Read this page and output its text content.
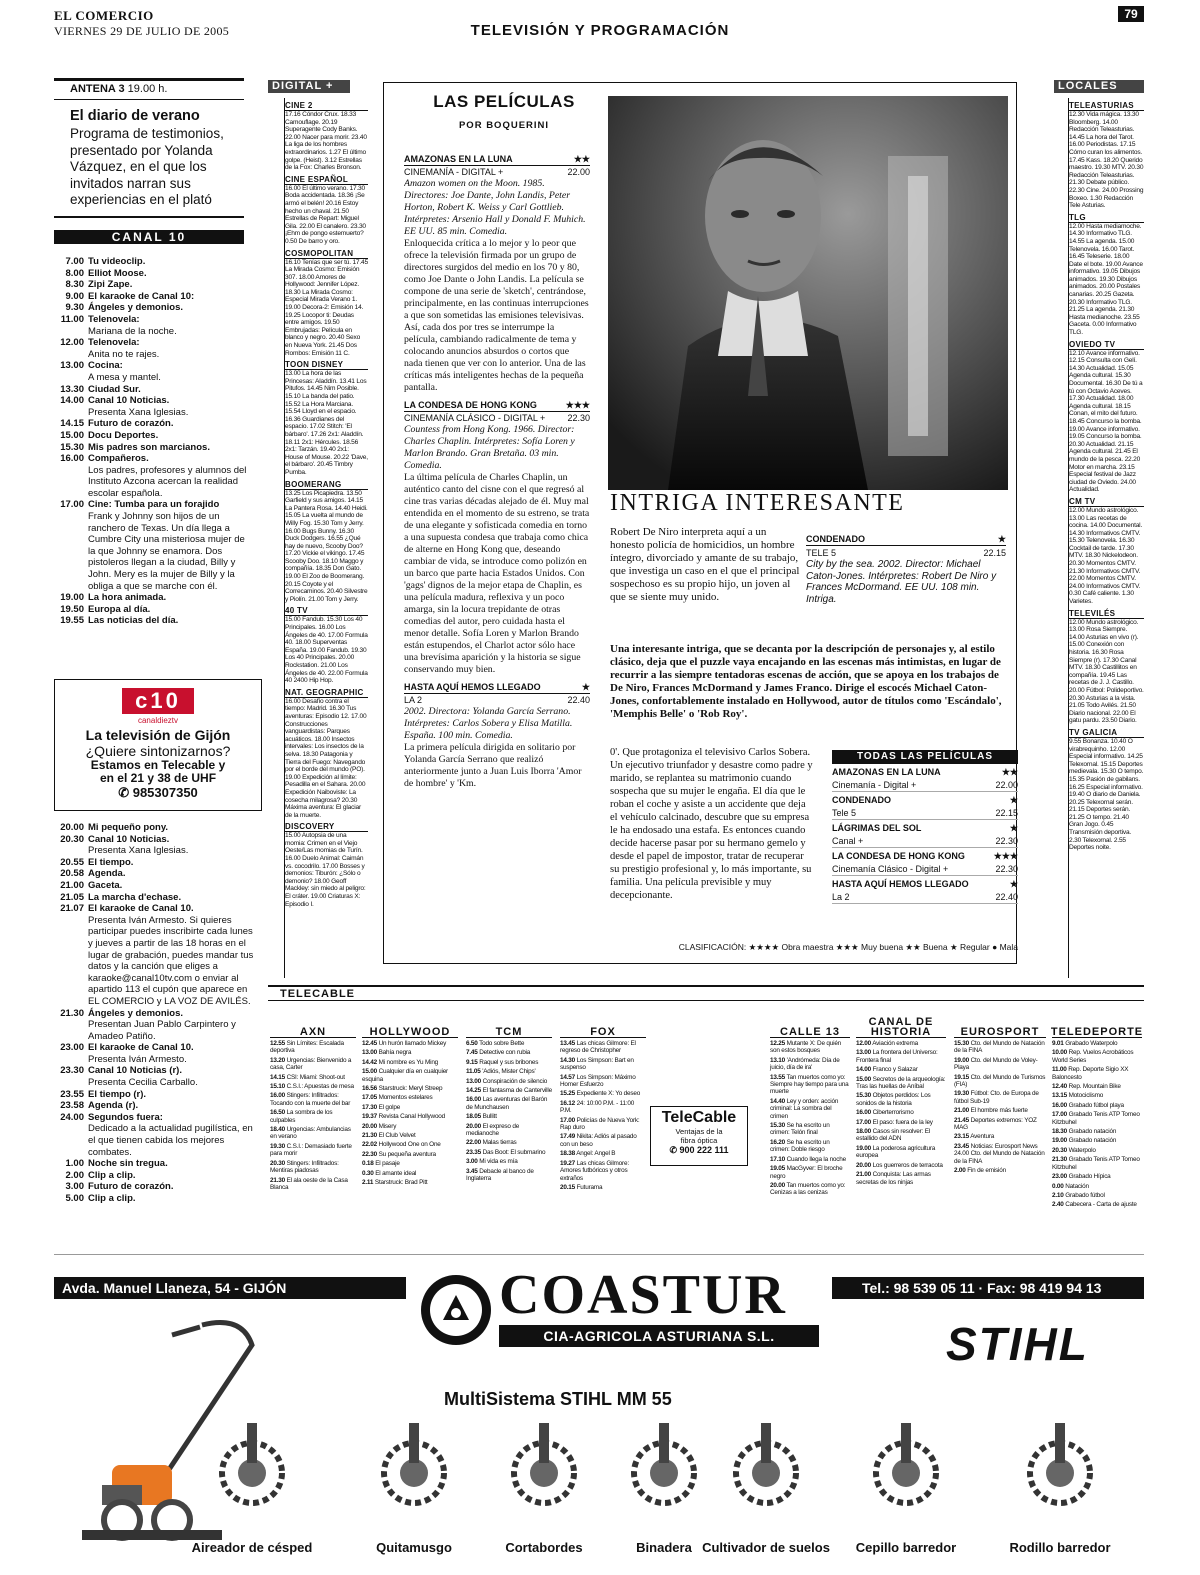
EL COMERCIO
VIERNES 29 DE JULIO DE 2005	TELEVISIÓN Y PROGRAMACIÓN
79
ANTENA 3 19.00 h.
El diario de verano
Programa de testimonios, presentado por Yolanda Vázquez, en el que los invitados narran sus experiencias en el plató
CANAL 10
7.00 Tu videoclip.
8.00 Elliot Moose.
8.30 Zipi Zape.
9.00 El karaoke de Canal 10:
9.30 Ángeles y demonios.
11.00 Telenovela:
Mariana de la noche.
12.00 Telenovela:
Anita no te rajes.
13.00 Cocina:
A mesa y mantel.
13.30 Ciudad Sur.
14.00 Canal 10 Noticias.
Presenta Xana Iglesias.
14.15 Futuro de corazón.
15.00 Docu Deportes.
15.30 Mis padres son marcianos.
16.00 Compañeros.
Los padres, profesores y alumnos del Instituto Azcona acercan la realidad escolar española.
17.00 Cine: Tumba para un forajido
Frank y Johnny son hijos de un ranchero de Texas. Un día llega a Cumbre City una misteriosa mujer de la que Johnny se enamora. Dos pistoleros llegan a la ciudad, Billy y John. Mery es la mujer de Billy y la obliga a que se marche con él.
19.00 La hora animada.
19.50 Europa al día.
19.55 Las noticias del día.
c10
canaldieztv
La televisión de Gijón
¿Quiere sintonizarnos?
Estamos en Telecable y
en el 21 y 38 de UHF
✆ 985307350
20.00 Mi pequeño pony.
20.30 Canal 10 Noticias.
Presenta Xana Iglesias.
20.55 El tiempo.
20.58 Agenda.
21.00 Gaceta.
21.05 La marcha d'echase.
21.07 El karaoke de Canal 10.
Presenta Iván Armesto. Si quieres participar puedes inscribirte cada lunes y jueves a partir de las 18 horas en el lugar de grabación, puedes mandar tus datos y la canción que eliges a karaoke@canal10tv.com o enviar al apartido 113 el cupón que aparece en EL COMERCIO y LA VOZ DE AVILÉS.
21.30 Ángeles y demonios.
Presentan Juan Pablo Carpintero y Amadeo Patiño.
23.00 El karaoke de Canal 10.
Presenta Iván Armesto.
23.30 Canal 10 Noticias (r).
Presenta Cecilia Carballo.
23.55 El tiempo (r).
23.58 Agenda (r).
24.00 Segundos fuera:
Dedicado a la actualidad pugilística, en el que tienen cabida los mejores combates.
1.00 Noche sin tregua.
2.00 Clip a clip.
3.00 Futuro de corazón.
5.00 Clip a clip.
DIGITAL +
CINE 2
17.16 Cóndor Crux. 18.33 Camouflage. 20.19 Superagente Cody Banks. 22.00 Nacer para morir. 23.40 La liga de los hombres extraordinarios. 1.27 El último golpe. (Heist). 3.12 Estrellas de la Fox: Charles Bronson.
CINE ESPAÑOL
16.00 El último verano. 17.30 Boda accidentada. 18.36 ¡Se armó el belén! 20.16 Estoy hecho un chaval. 21.50 Estrellas de Repart: Miguel Gila. 22.00 El canalero. 23.30 ¡Ehm de pongo estemuerto? 0.50 De barro y oro.
COSMOPOLITAN
16.10 Tenías que ser tú. 17.45 La Mirada Cosmo: Emisión 307. 18.00 Amores de Hollywood: Jennifer López. 18.30 La Mirada Cosmo: Especial Mirada Verano 1. 19.00 Decora-2: Emisión 14. 19.25 Locopor ti: Deudas entre amigos. 19.50 Embrujadas: Película en blanco y negro. 20.40 Sexo en Nueva York. 21.45 Dos Rombos: Emisión 11 C.
TOON DISNEY
13.00 La hora de las Princesas: Aladdín. 13.41 Los Pitufos. 14.45 Nim Posible. 15.10 La banda del patio. 15.52 La Hora Marciana. 15.54 Lloyd en el espacio. 16.36 Guardianes del espacio. 17.02 Stitch: 'El bárbaro'. 17.26 2x1: Aladdín. 18.11 2x1: Hércules. 18.56 2x1: Tarzán. 19.40 2x1: House of Mouse. 20.22 'Dave, el bárbaro'. 20.45 Timbry Pumba.
BOOMERANG
13.25 Los Picapiedra. 13.50 Garfield y sus amigos. 14.15 La Pantera Rosa. 14.40 Heidi. 15.05 La vuelta al mundo de Willy Fog. 15.30 Tom y Jerry. 16.00 Bugs Bunny. 16.30 Duck Dodgers. 16.55 ¿Qué hay de nuevo, Scooby Doo? 17.20 Vickie el vikingo. 17.45 Scooby Doo. 18.10 Maggo y compañía. 18.35 Don Gato. 19.00 El Zoo de Boomerang. 20.15 Coyote y el Correcaminos. 20.40 Silvestre y Piolín. 21.00 Tom y Jerry.
40 TV
15.00 Fandub. 15.30 Los 40 Principales. 16.00 Los Ángeles de 40. 17.00 Formula 40. 18.00 Superventas España. 19.00 Fandub. 19.30 Los 40 Principales. 20.00 Rockstation. 21.00 Los Ángeles de 40. 22.00 Formula 40 2400 Hip Hop.
NAT. GEOGRAPHIC
16.00 Desafío contra el tiempo: Madrid. 16.30 Tus aventuras: Episodio 12. 17.00 Construcciones vanguardistas: Parques acuáticos. 18.00 Insectos intervales: Los insectos de la selva. 18.30 Patagonia y Tierra del Fuego: Navegando por el borde del mundo (PO). 19.00 Expedición al límite: Pesadilla en el Sahara. 20.00 Expedición Naiboviste: La cosecha milagrosa? 20.30 Máxima aventura: El glaciar de la muerte.
DISCOVERY
15.00 Autopsia de una momia: Crimen en el Viejo Oeste/Las momias de Turín. 16.00 Duelo Animal: Caimán vs. cocodrilo. 17.00 Bosses y demonios: Tiburón: ¿Sólo o demonio? 18.00 Geoff Mackley: sin miedo al peligro: El cráter. 19.00 Criaturas X: Episodio I.
LAS PELÍCULAS
POR BOQUERINI
AMAZONAS EN LA LUNA	★★
CINEMANÍA - DIGITAL +	22.00
Amazon women on the Moon. 1985. Directores: Joe Dante, John Landis, Peter Horton, Robert K. Weiss y Carl Gottlieb. Intérpretes: Arsenio Hall y Donald F. Muhich. EE UU. 85 min. Comedia.
Enloquecida crítica a lo mejor y lo peor que ofrece la televisión firmada por un grupo de directores surgidos del medio en los 70 y 80, como Joe Dante o John Landis. La película se compone de una serie de 'sketch', centrándose, principalmente, en las continuas interrupciones a que son sometidas las emisiones televisivas. Así, cada dos por tres se interrumpe la película, cambiando radicalmente de tema y colocando anuncios absurdos o cortos que nada tienen que ver con lo anterior. Una de las críticas más inteligentes hechas de la pequeña pantalla.
LA CONDESA DE HONG KONG	★★★
CINEMANÍA CLÁSICO - DIGITAL + 22.30
Countess from Hong Kong. 1966. Director: Charles Chaplin. Intérpretes: Sofía Loren y Marlon Brando. Gran Bretaña. 03 min. Comedia.
La última película de Charles Chaplin, un auténtico canto del cisne con el que regresó al cine tras varias décadas alejado de él. Muy mal entendida en el momento de su estreno, se trata de una elegante y sofisticada comedia en torno a una supuesta condesa que trabaja como chica de alterne en Hong Kong que, deseando cambiar de vida, se introduce como polizón en un barco que parte hacia Estados Unidos. Con 'gags' dignos de la mejor etapa de Chaplin, es una película madura, reflexiva y un poco amarga, sin la locura trepidante de otras comedias del autor, pero cuidada hasta el menor detalle. Sofía Loren y Marlon Brando están estupendos, el Charlot actor sólo hace una brevísima aparición y la historia se sigue conservando muy bien.
HASTA AQUÍ HEMOS LLEGADO	★
LA 2	22.40
2002. Directora: Yolanda García Serrano. Intérpretes: Carlos Sobera y Elisa Matilla. España. 100 min. Comedia.
La primera película dirigida en solitario por Yolanda García Serrano que realizó anteriormente junto a Juan Luis Iborra 'Amor de hombre' y 'Km.
INTRIGA INTERESANTE
Robert De Niro interpreta aquí a un honesto policía de homicidios, un hombre íntegro, divorciado y amante de su trabajo, que investiga un caso en el que el principal sospechoso es su propio hijo, un joven al que se siente muy unido.
CONDENADO	★
TELE 5	22.15
City by the sea. 2002. Director: Michael Caton-Jones. Intérpretes: Robert De Niro y Frances McDormand. EE UU. 108 min. Intriga.
Una interesante intriga, que se decanta por la descripción de personajes y, al estilo clásico, deja que el puzzle vaya encajando en las escenas más intimistas, en lugar de recurrir a las siempre tentadoras escenas de acción, que se apoya en los trabajos de De Niro, Frances McDormand y James Franco. Dirige el escocés Michael Caton-Jones, confortablemente instalado en Hollywood, autor de títulos como 'Escándalo', 'Memphis Belle' o 'Rob Roy'.
0'. Que protagoniza el televisivo Carlos Sobera. Un ejecutivo triunfador y desastre como padre y marido, se replantea su matrimonio cuando sospecha que su mujer le engaña. El día que le roban el coche y asiste a un accidente que deja el vehículo calcinado, descubre que su empresa le ha endosado una estafa. Es entonces cuando decide hacerse pasar por su hermano gemelo y desde el papel de impostor, tratar de recuperar su prestigio profesional y, lo más importante, su familia. Una película previsible y muy decepcionante.
TODAS LAS PELÍCULAS
AMAZONAS EN LA LUNA	★★
Cinemanía - Digital +	22.00
CONDENADO	★
Tele 5	22.15
LÁGRIMAS DEL SOL	★
Canal +	22.30
LA CONDESA DE HONG KONG	★★★
Cinemanía Clásico - Digital +	22.30
HASTA AQUÍ HEMOS LLEGADO	★
La 2	22.40
CLASIFICACIÓN: ★★★★ Obra maestra ★★★ Muy buena ★★ Buena ★ Regular ● Mala
LOCALES
TELEASTURIAS
12.30 Vida mágica. 13.30 Bloomberg. 14.00 Redacción Teleasturias. 14.45 La hora del Tarot. 16.00 Periodistas. 17.15 Cómo curan los alimentos. 17.45 Kass. 18.20 Querido maestro. 19.30 MTV. 20.30 Redacción Teleasturias. 21.30 Debate público. 22.30 Cine. 24.00 Prossing Boxeo. 1.30 Redacción Tele Asturias.
TLG
12.00 Hasta mediamoche. 14.30 Informativo TLG. 14.55 La agenda. 15.00 Telenovela. 16.00 Tarot. 16.45 Teleserie. 18.00 Date el bote. 19.00 Avance informativo. 19.05 Dibujos animados. 19.30 Dibujos animados. 20.00 Postales canarias. 20.25 Gazeta. 20.30 Informativo TLG. 21.25 La agenda. 21.30 Hasta medianoche. 23.55 Gaceta. 0.00 Informativo TLG.
OVIEDO TV
12.10 Avance informativo. 12.15 Consulta con Gelí. 14.30 Actualidad. 15.05 Agenda cultural. 15.30 Documental. 16.30 De tú a tú con Octavio Aceves. 17.30 Actualidad. 18.00 Agenda cultural. 18.15 Conan, el mito del futuro. 18.45 Concurso la bomba. 19.00 Avance informativo. 19.05 Concurso la bomba. 20.30 Actualidad. 21.15 Agenda cultural. 21.45 El mundo de la pesca. 22.20 Motor en marcha. 23.15 Especial festival de Jazz ciudad de Oviedo. 24.00 Actualidad.
CM TV
12.00 Mundo astrológico. 13.00 Las recetas de cocina. 14.00 Documental. 14.30 Informativos CMTV. 15.30 Telenovela. 16.30 Cocktail de tarde. 17.30 MTV. 18.30 Nickelodeon. 20.30 Momentos CMTV. 21.30 Informativos CMTV. 22.00 Momentos CMTV. 24.00 Informativos CMTV. 0.30 Café caliente. 1.30 Varietes.
TELEVILÉS
12.00 Mundo astrológico. 13.00 Rosa Siempre. 14.00 Asturias en vivo (r). 15.00 Conexión con historia. 16.30 Rosa Siempre (r). 17.30 Canal MTV. 18.30 Castillitos en compañía. 19.45 Las recetas de J. J. Castillo. 20.00 Fútbol: Polideportivo. 20.30 Asturias a la vista. 21.05 Todo Avilés. 21.50 Diario nacional. 22.00 El gatu pardu. 23.50 Diario.
TV GALICIA
9.55 Bonanza. 10.40 O virabrequinho. 12.00 Especial informativo. 14.25 Telexornal. 15.15 Deportes medievala. 15.30 O tempo. 15.35 Pasión de gabilans. 16.25 Especial informativo. 19.40 O diario de Daniela. 20.25 Telexornal serán. 21.15 Deportes serán. 21.25 O tempo. 21.40 Gran Jogo. 0.45 Transmisión deportiva. 2.30 Telexornal. 2.55 Deportes noite.
TELECABLE
AXN
12.55 Sin Límites: Escalada deportiva
13.20 Urgencias: Bienvenido a casa, Carter
14.15 CSI: Miami: Shoot-out
15.10 C.S.I.: Apuestas de mesa
16.00 Stingers: Infiltrados: Tocando con la muerte del bar
16.50 La sombra de los culpables
18.40 Urgencias: Ambulancias en verano
19.30 C.S.I.: Demasiado fuerte para morir
20.30 Stingers: Infiltrados: Mentiras piadosas
21.30 El ala oeste de la Casa Blanca
HOLLYWOOD
12.45 Un hurón llamado Mickey
13.00 Bahía negra
14.42 Mi nombre es Yu Ming
15.00 Cualquier día en cualquier esquina
16.56 Starstruck: Meryl Streep
17.05 Momentos estelares
17.30 El golpe
19.37 Revista Canal Hollywood
20.00 Misery
21.30 El Club Velvet
22.02 Hollywood One on One
22.30 Su pequeña aventura
0.18 El pasaje
0.30 El amante ideal
2.11 Starstruck: Brad Pitt
TCM
6.50 Todo sobre Bette
7.45 Detective con rubia
9.15 Raquel y sus bribones
11.05 'Adiós, Mister Chips'
13.00 Conspiración de silencio
14.25 El fantasma de Canterville
16.00 Las aventuras del Barón de Munchausen
18.05 Bullitt
20.00 El expreso de medianoche
22.00 Malas tierras
23.35 Das Boot: El submarino
3.00 Mi vida es mía
3.45 Debacle al banco de Inglaterra
FOX
13.45 Las chicas Gilmore: El regreso de Christopher
14.30 Los Simpson: Bart en suspenso
14.57 Los Simpson: Máximo Homer Esfuerzo
15.25 Expediente X: Yo deseo
16.12 24: 10:00 P.M. - 11:00 P.M.
17.00 Policías de Nueva York: Rap duro
17.49 Nikita: Adiós al pasado con un beso
18.38 Angel: Angel B
19.27 Las chicas Gilmore: Amores futbóricos y otros extraños
20.15 Futurama
CALLE 13
12.25 Mutante X: De quién son estos bosques
13.10 'Andrómeda: Día de juicio, día de ira'
13.55 Tan muertos como yo: Siempre hay tiempo para una muerte
14.40 Ley y orden: acción criminal: La sombra del crimen
15.30 Se ha escrito un crimen: Telón final
16.20 Se ha escrito un crimen: Doble riesgo
17.10 Cuando llega la noche
19.05 MacGyver: El broche negro
20.00 Tan muertos como yo: Cenizas a las cenizas
CANAL DE HISTORIA
12.00 Aviación extrema
13.00 La frontera del Universo: Frontera final
14.00 Franco y Salazar
15.00 Secretos de la arqueología: Tras las huellas de Aníbal
15.30 Objetos perdidos: Los sonidos de la historia
16.00 Ciberterrorismo
17.00 El paso: fuera de la ley
18.00 Casos sin resolver: El estallido del ADN
19.00 La poderosa agricultura europea
20.00 Los guerreros de terracota
21.00 Conquista: Las armas secretas de los ninjas
EUROSPORT
15.30 Cto. del Mundo de Natación de la FINA
19.00 Cto. del Mundo de Voley-Playa
19.15 Cto. del Mundo de Turismos (FIA)
19.30 Fútbol: Cto. de Europa de fútbol Sub-19
21.00 El hombre más fuerte
21.45 Deportes extremos: YOZ MAG
23.15 Aventura
23.45 Noticias: Eurosport News 24.00 Cto. del Mundo de Natación de la FINA
2.00 Fin de emisión
TELEDEPORTE
9.01 Grabado Waterpolo
10.00 Rep. Vuelos Acrobáticos World Series
11.00 Rep. Deporte Sigio XX Baloncesto
12.40 Rep. Mountain Bike
13.15 Motociclismo
16.00 Grabado fútbol playa
17.00 Grabado Tenis ATP Torneo Kitzbuhel
18.30 Grabado natación
19.00 Grabado natación
20.30 Waterpolo
21.30 Grabado Tenis ATP Torneo Kitzbuhel
23.00 Grabado Hípica
0.00 Natación
2.10 Grabado fútbol
2.40 Cabecera - Carta de ajuste
TeleCable
Ventajas de la
fibra óptica
✆ 900 222 111
Avda. Manuel Llaneza, 54 - GIJÓN	Tel.: 98 539 05 11 · Fax: 98 419 94 13
COASTUR
CIA-AGRICOLA ASTURIANA S.L.	STIHL
MultiSistema STIHL MM 55
Aireador de césped	Quitamusgo	Cortabordes	Binadera Cultivador de suelos	Cepillo barredor	Rodillo barredor
